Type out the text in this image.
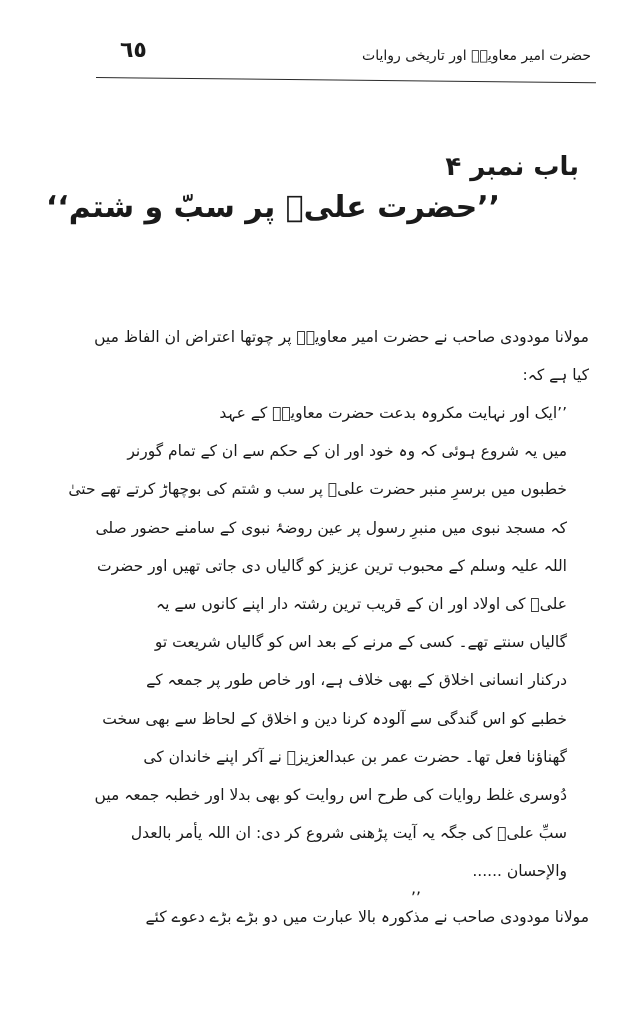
٦٥	حضرت امیر معاویہؓ اور تاریخی روایات
باب نمبر ۴
’’حضرت علیؓ پر سبّ و شتم‘‘
مولانا مودودی صاحب نے حضرت امیر معاویہؓ پر چوتھا اعتراض ان الفاظ میں
کیا ہے کہ:
’’ایک اور نہایت مکروہ بدعت حضرت معاویہؓ کے عہد
میں یہ شروع ہوئی کہ وہ خود اور ان کے حکم سے ان کے تمام گورنر
خطبوں میں برسرِ منبر حضرت علیؓ پر سب و شتم کی بوچھاڑ کرتے تھے حتیٰ
کہ مسجد نبوی میں منبرِ رسول پر عین روضۂ نبوی کے سامنے حضور صلی
اللہ علیہ وسلم کے محبوب ترین عزیز کو گالیاں دی جاتی تھیں اور حضرت
علیؓ کی اولاد اور ان کے قریب ترین رشتہ دار اپنے کانوں سے یہ
گالیاں سنتے تھے۔ کسی کے مرنے کے بعد اس کو گالیاں شریعت تو
درکنار انسانی اخلاق کے بھی خلاف ہے، اور خاص طور پر جمعہ کے
خطبے کو اس گندگی سے آلودہ کرنا دین و اخلاق کے لحاظ سے بھی سخت
گھناؤنا فعل تھا۔ حضرت عمر بن عبدالعزیزؒ نے آکر اپنے خاندان کی
دُوسری غلط روایات کی طرح اس روایت کو بھی بدلا اور خطبہ جمعہ میں
سبِّ علیؓ کی جگہ یہ آیت پڑھنی شروع کر دی: ان اللہ یأمر بالعدل
والإحسان ......
’’
مولانا مودودی صاحب نے مذکورہ بالا عبارت میں دو بڑے بڑے دعوے کئے
